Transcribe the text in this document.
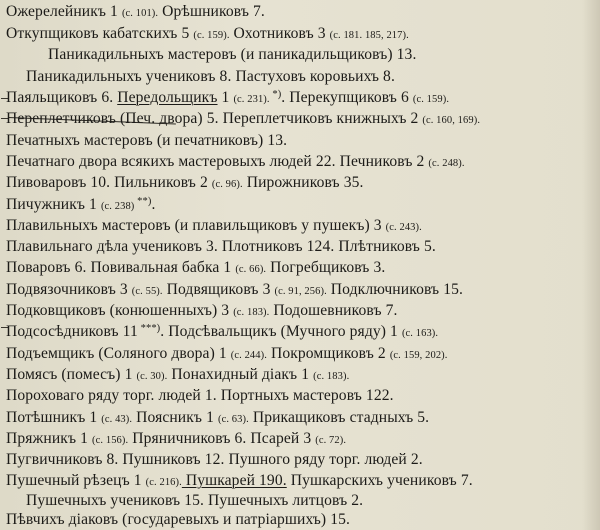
Ожерелейникъ 1 (с. 101). Орѣшниковъ 7.
Откупщиковъ кабатскихъ 5 (с. 159). Охотниковъ 3 (с. 181. 185, 217).
Паникадильныхъ мастеровъ (и паникадильщиковъ) 13.
Паникадильныхъ учениковъ 8. Пастуховъ коровьихъ 8.
Паяльщиковъ 6. Передольщикъ 1 (с. 231). *). Перекупщиковъ 6 (с. 159).
Переплетчиковъ (Печ. двора) 5. Переплетчиковъ книжныхъ 2 (с. 160, 169).
Печатныхъ мастеровъ (и печатниковъ) 13.
Печатнаго двора всякихъ мастеровыхъ людей 22. Печниковъ 2 (с. 248).
Пивоваровъ 10. Пильниковъ 2 (с. 96). Пирожниковъ 35.
Пичужникъ 1 (с. 238) **).
Плавильныхъ мастеровъ (и плавильщиковъ у пушекъ) 3 (с. 243).
Плавильнаго дѣла учениковъ 3. Плотниковъ 124. Плѣтниковъ 5.
Поваровъ 6. Повивальная бабка 1 (с. 66). Погребщиковъ 3.
Подвязочниковъ 3 (с. 55). Подвящиковъ 3 (с. 91, 256). Подключниковъ 15.
Подковщиковъ (конюшенныхъ) 3 (с. 183). Подошевниковъ 7.
Подсосѣдниковъ 11 ***). Подсѣвальщикъ (Мучного ряду) 1 (с. 163).
Подъемщикъ (Соляного двора) 1 (с. 244). Покромщиковъ 2 (с. 159, 202).
Помясъ (помесъ) 1 (с. 30). Понахидный дiакъ 1 (с. 183).
Пороховаго ряду торг. людей 1. Портныхъ мастеровъ 122.
Потѣшникъ 1 (с. 43). Поясникъ 1 (с. 63). Прикащиковъ стадныхъ 5.
Пряжникъ 1 (с. 156). Пряничниковъ 6. Псарей 3 (с. 72).
Пугвичниковъ 8. Пушниковъ 12. Пушного ряду торг. людей 2.
Пушечный рѣзецъ 1 (с. 216). Пушкарей 190. Пушкарскихъ учениковъ 7.
Пушечныхъ учениковъ 15. Пушечныхъ литцовъ 2.
Пѣвчихъ дiаковъ (государевыхъ и патрiаршихъ) 15.
